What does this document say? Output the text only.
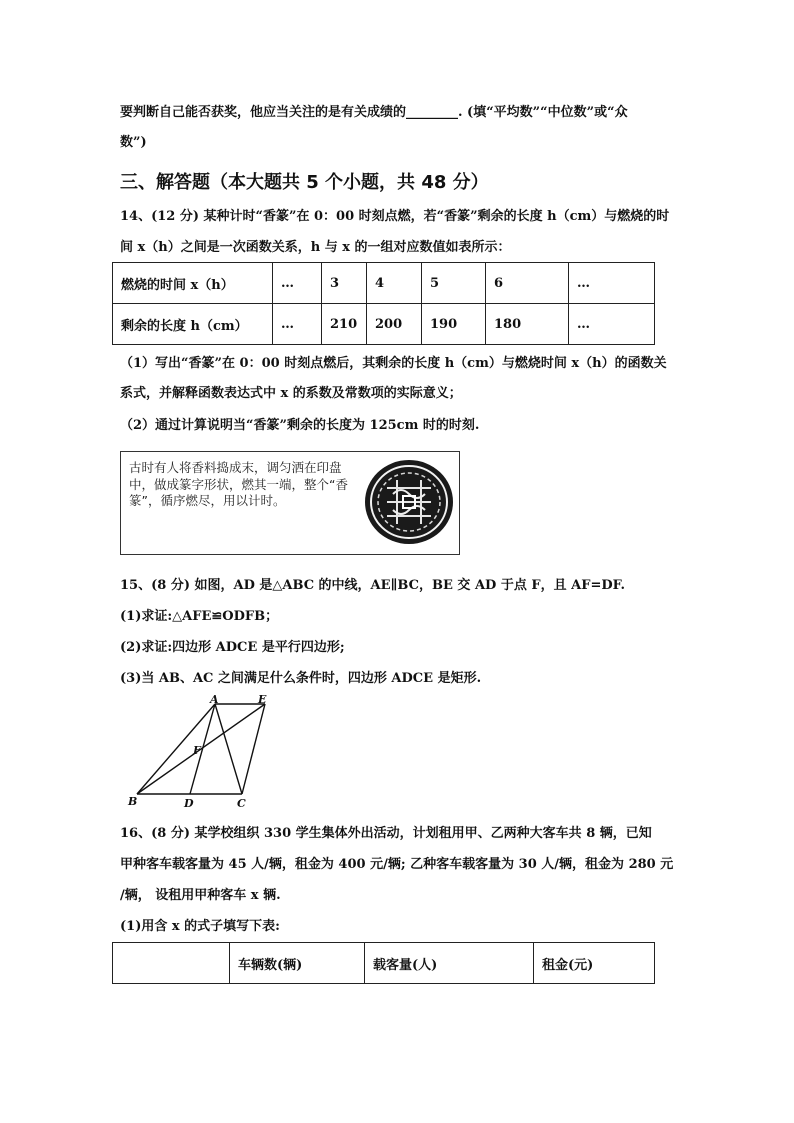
要判断自己能否获奖，他应当关注的是有关成绩的________. (填“平均数”“中位数”或“众
数”)
三、解答题（本大题共 5 个小题，共 48 分）
14、(12 分) 某种计时“香篆”在 0：00 时刻点燃，若“香篆”剩余的长度 h（cm）与燃烧的时
间 x（h）之间是一次函数关系，h 与 x 的一组对应数值如表所示：
燃烧的时间 x（h）	…	3	4	5	6	…
剩余的长度 h（cm）	…	210	200	190	180	…
（1）写出“香篆”在 0：00 时刻点燃后，其剩余的长度 h（cm）与燃烧时间 x（h）的函数关
系式，并解释函数表达式中 x 的系数及常数项的实际意义；
（2）通过计算说明当“香篆”剩余的长度为 125cm 时的时刻.
古时有人将香料捣成末，调匀洒在印盘中，做成篆字形状，燃其一端，整个“香篆”，循序燃尽，用以计时。
15、(8 分) 如图，AD 是△ABC 的中线，AE∥BC，BE 交 AD 于点 F，且 AF=DF.
(1)求证:△AFE≌ODFB；
(2)求证:四边形 ADCE 是平行四边形;
(3)当 AB、AC 之间满足什么条件时，四边形 ADCE 是矩形.
A	E
F
B	D	C
16、(8 分) 某学校组织 330 学生集体外出活动，计划租用甲、乙两种大客车共 8 辆，已知
甲种客车载客量为 45 人/辆，租金为 400 元/辆; 乙种客车载客量为 30 人/辆，租金为 280 元
/辆， 设租用甲种客车 x 辆.
(1)用含 x 的式子填写下表:
	车辆数(辆)	载客量(人)	租金(元)
